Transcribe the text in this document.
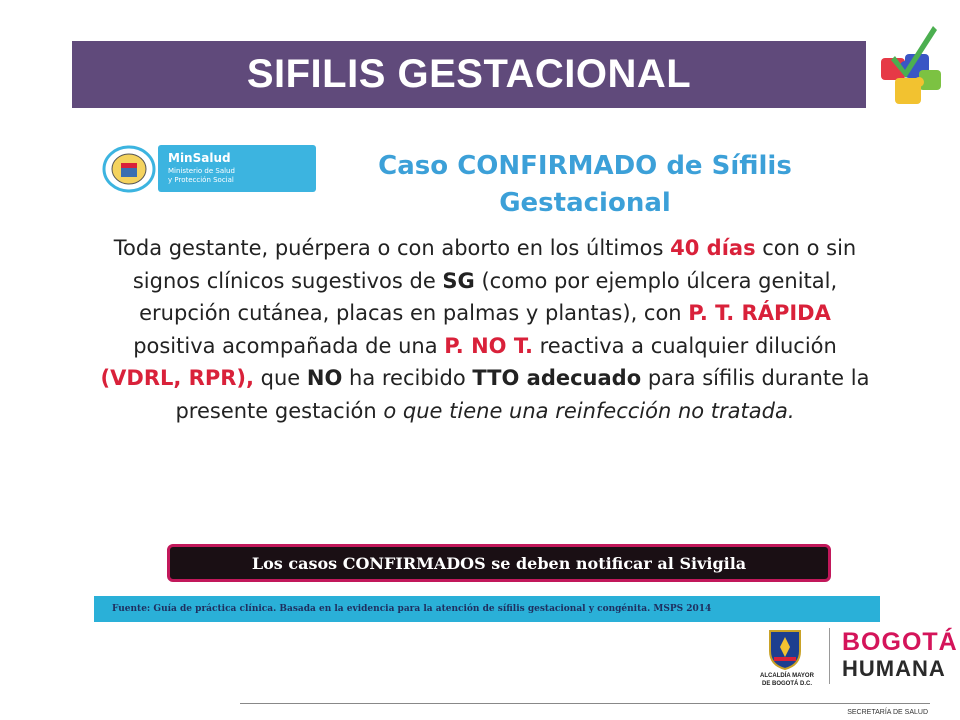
SIFILIS GESTACIONAL
MinSalud
Ministerio de Salud
y Protección Social	Caso CONFIRMADO de Sífilis
Gestacional
Toda gestante, puérpera o con aborto en los últimos 40 días con o sin signos clínicos sugestivos de SG (como por ejemplo úlcera genital, erupción cutánea, placas en palmas y plantas), con P. T. RÁPIDA positiva acompañada de una P. NO T. reactiva a cualquier dilución (VDRL, RPR), que NO ha recibido TTO adecuado para sífilis durante la presente gestación o que tiene una reinfección no tratada.
Los casos CONFIRMADOS se deben notificar al Sivigila
Fuente: Guía de práctica clínica. Basada en la evidencia para la atención de sífilis gestacional y congénita. MSPS 2014
ALCALDÍA MAYOR
DE BOGOTÁ D.C.
BOGOTÁ
HUMANA
SECRETARÍA DE SALUD
